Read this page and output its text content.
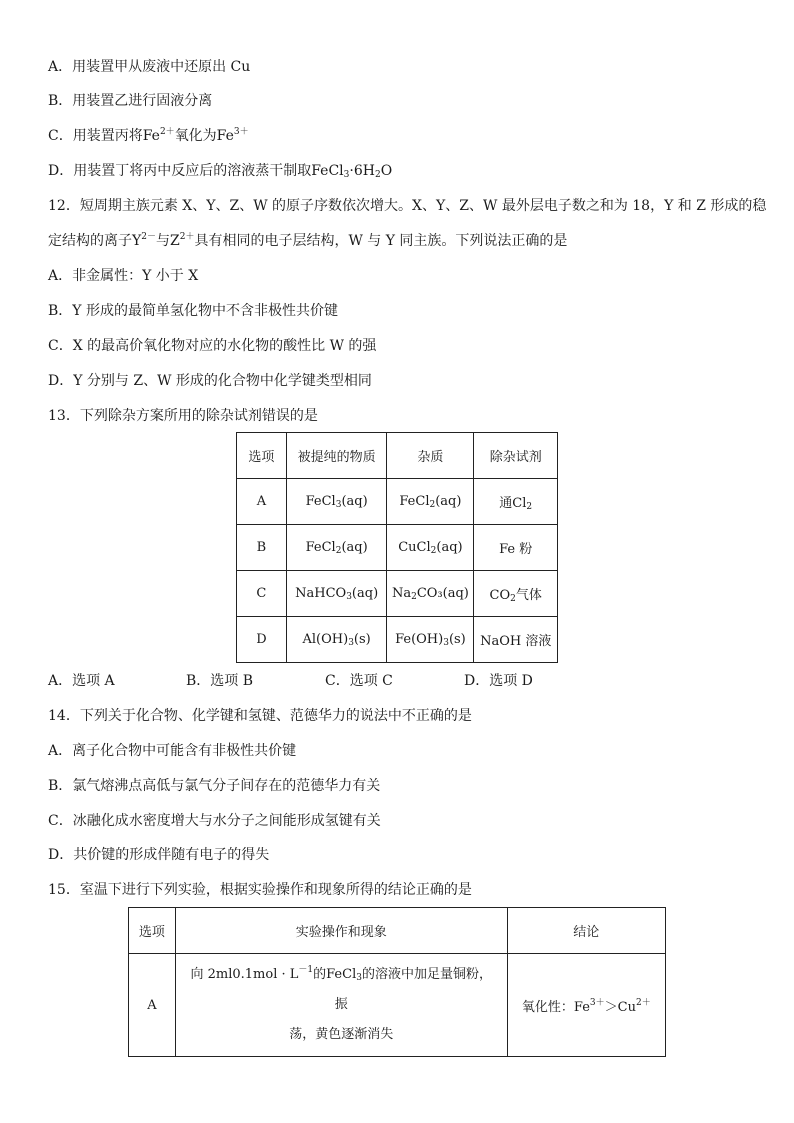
A．用装置甲从废液中还原出 Cu
B．用装置乙进行固液分离
C．用装置丙将$Fe^{2+}$氧化为$Fe^{3+}$
D．用装置丁将丙中反应后的溶液蒸干制取$FeCl_3\cdot 6H_2O$
12．短周期主族元素 X、Y、Z、W 的原子序数依次增大。X、Y、Z、W 最外层电子数之和为 18，Y 和 Z 形成的稳
定结构的离子$Y^{2-}$与$Z^{2+}$具有相同的电子层结构，W 与 Y 同主族。下列说法正确的是
A．非金属性：Y 小于 X
B．Y 形成的最简单氢化物中不含非极性共价键
C．X 的最高价氧化物对应的水化物的酸性比 W 的强
D．Y 分别与 Z、W 形成的化合物中化学键类型相同
13．下列除杂方案所用的除杂试剂错误的是
选项	被提纯的物质	杂质	除杂试剂
A	FeCl$_3$(aq)	FeCl$_2$(aq)	通$Cl_2$
B	FeCl$_2$(aq)	CuCl$_2$(aq)	Fe 粉
C	NaHCO$_3$(aq)	$Na_2CO_3(aq)$	$CO_2$气体
D	$Al(OH)_3(s)$	$Fe(OH)_3(s)$	NaOH 溶液
A．选项 A	B．选项 B	C．选项 C	D．选项 D
14．下列关于化合物、化学键和氢键、范德华力的说法中不正确的是
A．离子化合物中可能含有非极性共价键
B．氯气熔沸点高低与氯气分子间存在的范德华力有关
C．冰融化成水密度增大与水分子之间能形成氢键有关
D．共价键的形成伴随有电子的得失
15．室温下进行下列实验，根据实验操作和现象所得的结论正确的是
选项	实验操作和现象	结论
A	向 $2ml0.1mol \cdot L^{-1}$的FeCl$_3$的溶液中加足量铜粉，振
荡，黄色逐渐消失	氧化性：$Fe^{3+}>Cu^{2+}$
